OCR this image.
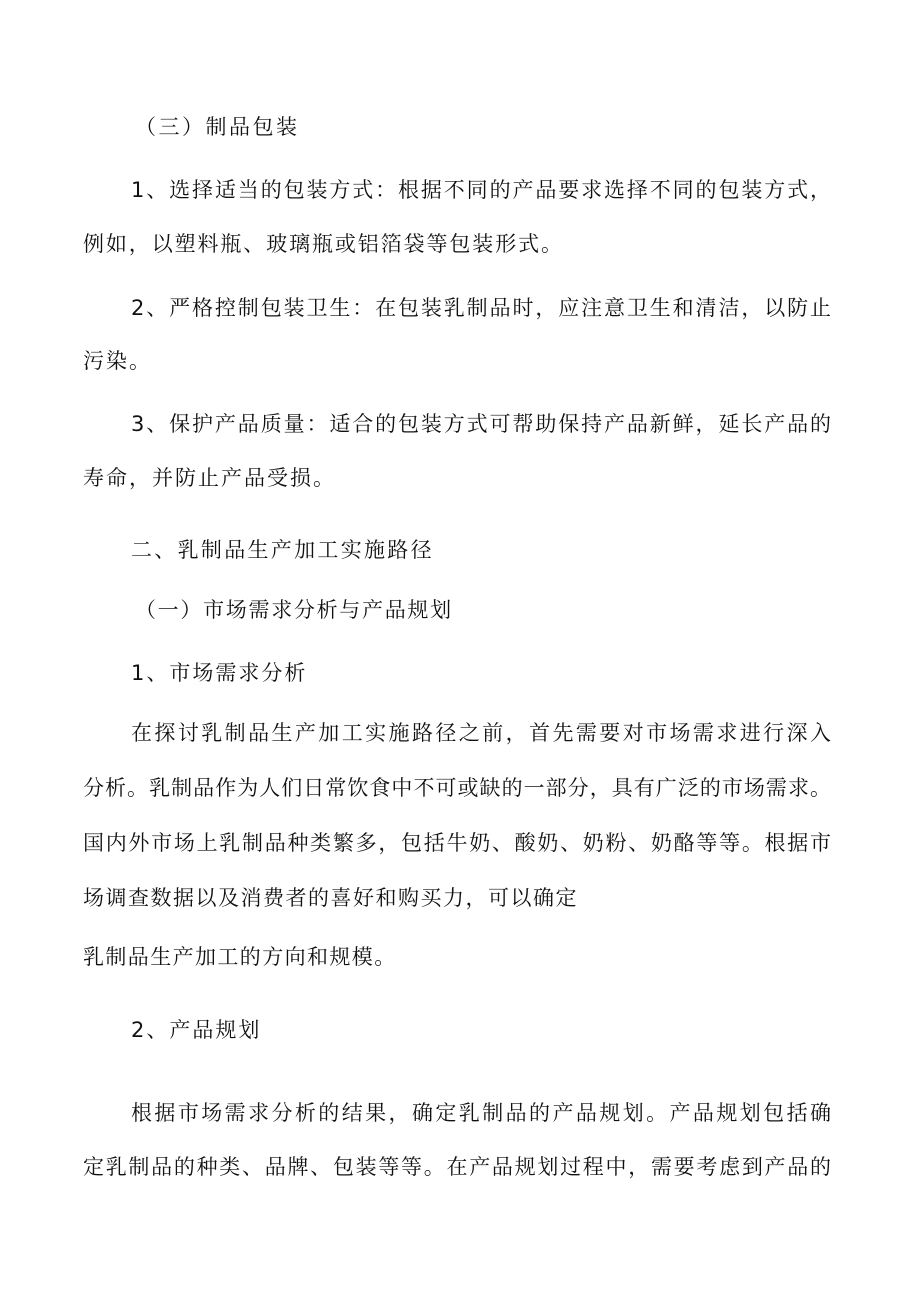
（三）制品包装
1、选择适当的包装方式：根据不同的产品要求选择不同的包装方式，
例如，以塑料瓶、玻璃瓶或铝箔袋等包装形式。
2、严格控制包装卫生：在包装乳制品时，应注意卫生和清洁，以防止
污染。
3、保护产品质量：适合的包装方式可帮助保持产品新鲜，延长产品的
寿命，并防止产品受损。
二、乳制品生产加工实施路径
（一）市场需求分析与产品规划
1、市场需求分析
在探讨乳制品生产加工实施路径之前，首先需要对市场需求进行深入
分析。乳制品作为人们日常饮食中不可或缺的一部分，具有广泛的市场需求。
国内外市场上乳制品种类繁多，包括牛奶、酸奶、奶粉、奶酪等等。根据市
场调查数据以及消费者的喜好和购买力，可以确定
乳制品生产加工的方向和规模。
2、产品规划
根据市场需求分析的结果，确定乳制品的产品规划。产品规划包括确
定乳制品的种类、品牌、包装等等。在产品规划过程中，需要考虑到产品的
